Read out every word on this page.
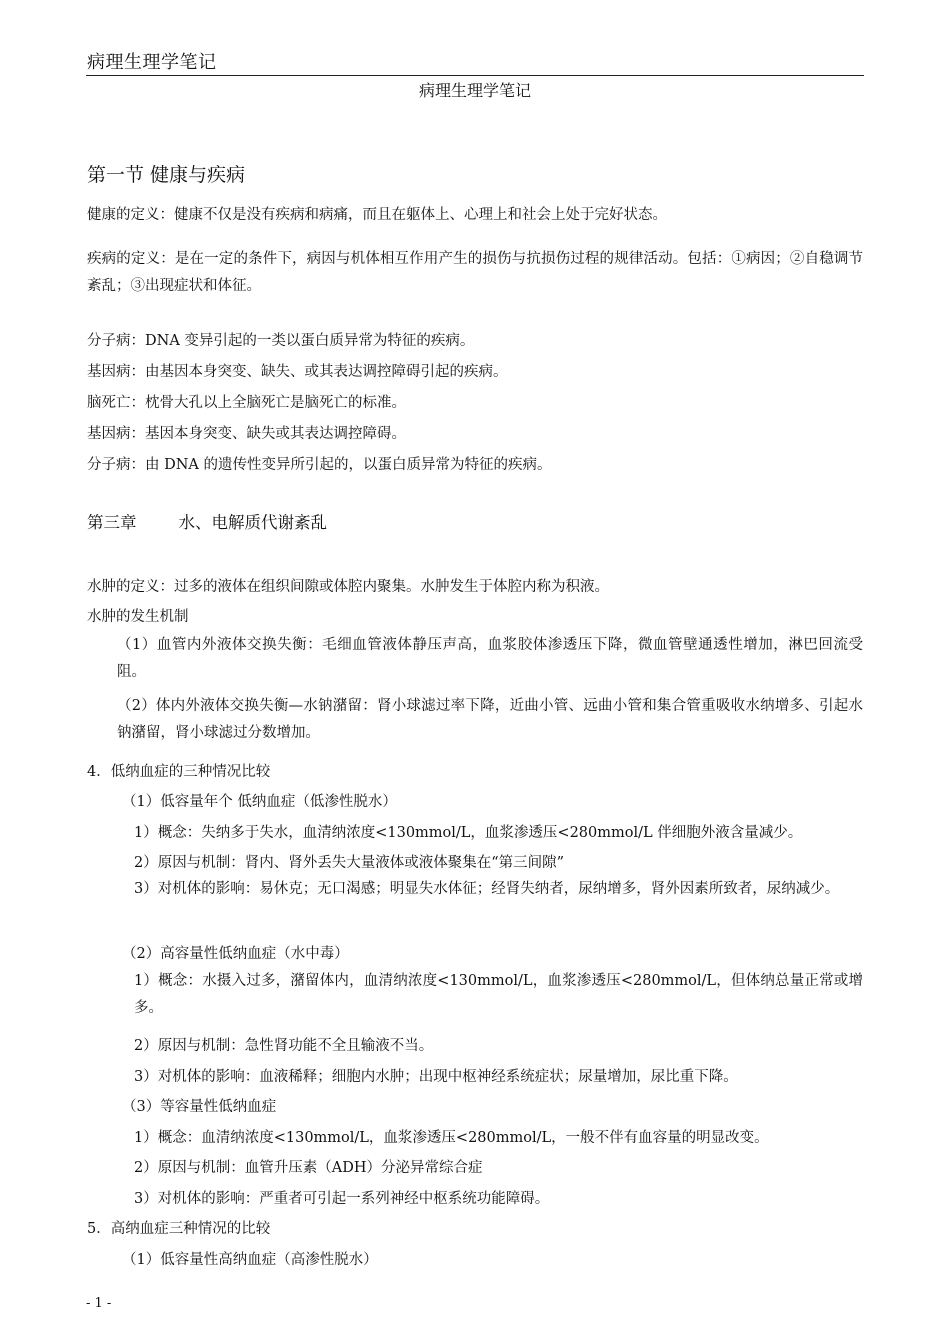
病理生理学笔记
病理生理学笔记
第一节 健康与疾病
健康的定义：健康不仅是没有疾病和病痛，而且在躯体上、心理上和社会上处于完好状态。
疾病的定义：是在一定的条件下，病因与机体相互作用产生的损伤与抗损伤过程的规律活动。包括：①病因；②自稳调节紊乱；③出现症状和体征。
分子病：DNA 变异引起的一类以蛋白质异常为特征的疾病。
基因病：由基因本身突变、缺失、或其表达调控障碍引起的疾病。
脑死亡：枕骨大孔以上全脑死亡是脑死亡的标准。
基因病：基因本身突变、缺失或其表达调控障碍。
分子病：由 DNA 的遗传性变异所引起的，以蛋白质异常为特征的疾病。
第三章        水、电解质代谢紊乱
水肿的定义：过多的液体在组织间隙或体腔内聚集。水肿发生于体腔内称为积液。
水肿的发生机制
（1）血管内外液体交换失衡：毛细血管液体静压声高，血浆胶体渗透压下降，微血管壁通透性增加，淋巴回流受阻。
（2）体内外液体交换失衡—水钠潴留：肾小球滤过率下降，近曲小管、远曲小管和集合管重吸收水纳增多、引起水钠潴留，肾小球滤过分数增加。
4．低纳血症的三种情况比较
（1）低容量年个 低纳血症（低渗性脱水）
1）概念：失纳多于失水，血清纳浓度<130mmol/L，血浆渗透压<280mmol/L 伴细胞外液含量减少。
2）原因与机制：肾内、肾外丢失大量液体或液体聚集在“第三间隙”
3）对机体的影响：易休克；无口渴感；明显失水体征；经肾失纳者，尿纳增多，肾外因素所致者，尿纳减少。
（2）高容量性低纳血症（水中毒）
1）概念：水摄入过多，潴留体内，血清纳浓度<130mmol/L，血浆渗透压<280mmol/L，但体纳总量正常或增多。
2）原因与机制：急性肾功能不全且输液不当。
3）对机体的影响：血液稀释；细胞内水肿；出现中枢神经系统症状；尿量增加，尿比重下降。
（3）等容量性低纳血症
1）概念：血清纳浓度<130mmol/L，血浆渗透压<280mmol/L，一般不伴有血容量的明显改变。
2）原因与机制：血管升压素（ADH）分泌异常综合症
3）对机体的影响：严重者可引起一系列神经中枢系统功能障碍。
5．高纳血症三种情况的比较
（1）低容量性高纳血症（高渗性脱水）
- 1 -
